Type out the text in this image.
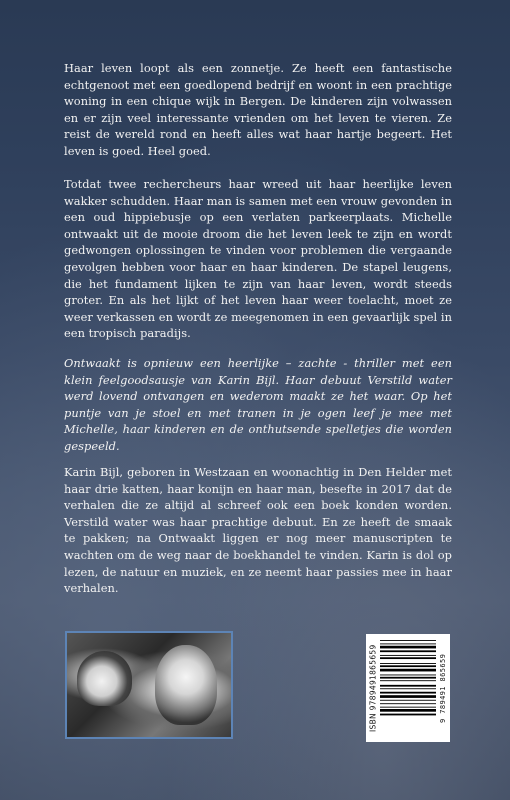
Haar leven loopt als een zonnetje. Ze heeft een fantastische echtgenoot met een goedlopend bedrijf en woont in een prachtige woning in een chique wijk in Bergen. De kinderen zijn volwassen en er zijn veel interessante vrienden om het leven te vieren. Ze reist de wereld rond en heeft alles wat haar hartje begeert. Het leven is goed. Heel goed.

Totdat twee rechercheurs haar wreed uit haar heerlijke leven wakker schudden. Haar man is samen met een vrouw gevonden in een oud hippiebusje op een verlaten parkeerplaats. Michelle ontwaakt uit de mooie droom die het leven leek te zijn en wordt gedwongen oplossingen te vinden voor problemen die vergaande gevolgen hebben voor haar en haar kinderen. De stapel leugens, die het fundament lijken te zijn van haar leven, wordt steeds groter. En als het lijkt of het leven haar weer toelacht, moet ze weer verkassen en wordt ze meegenomen in een gevaarlijk spel in een tropisch paradijs.

Ontwaakt is opnieuw een heerlijke – zachte - thriller met een klein feelgoodsausje van Karin Bijl. Haar debuut Verstild water werd lovend ontvangen en wederom maakt ze het waar. Op het puntje van je stoel en met tranen in je ogen leef je mee met Michelle, haar kinderen en de onthutsende spelletjes die worden gespeeld.

Karin Bijl, geboren in Westzaan en woonachtig in Den Helder met haar drie katten, haar konijn en haar man, besefte in 2017 dat de verhalen die ze altijd al schreef ook een boek konden worden. Verstild water was haar prachtige debuut. En ze heeft de smaak te pakken; na Ontwaakt liggen er nog meer manuscripten te wachten om de weg naar de boekhandel te vinden. Karin is dol op lezen, de natuur en muziek, en ze neemt haar passies mee in haar verhalen.

ISBN 9789491865659	9 789491 865659
